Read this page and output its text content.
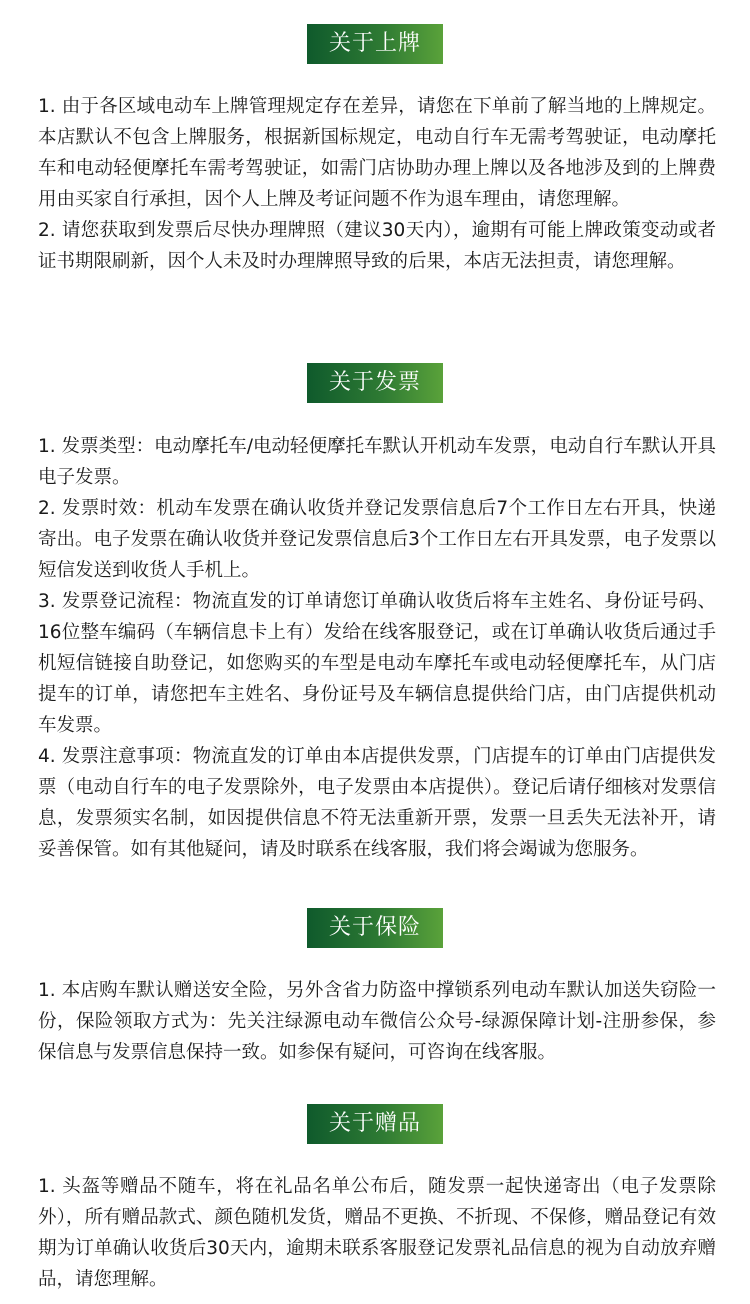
关于上牌

1. 由于各区域电动车上牌管理规定存在差异，请您在下单前了解当地的上牌规定。本店默认不包含上牌服务，根据新国标规定，电动自行车无需考驾驶证，电动摩托车和电动轻便摩托车需考驾驶证，如需门店协助办理上牌以及各地涉及到的上牌费用由买家自行承担，因个人上牌及考证问题不作为退车理由，请您理解。

2. 请您获取到发票后尽快办理牌照（建议30天内），逾期有可能上牌政策变动或者证书期限刷新，因个人未及时办理牌照导致的后果，本店无法担责，请您理解。

关于发票

1. 发票类型：电动摩托车/电动轻便摩托车默认开机动车发票，电动自行车默认开具电子发票。

2. 发票时效：机动车发票在确认收货并登记发票信息后7个工作日左右开具，快递寄出。电子发票在确认收货并登记发票信息后3个工作日左右开具发票，电子发票以短信发送到收货人手机上。

3. 发票登记流程：物流直发的订单请您订单确认收货后将车主姓名、身份证号码、16位整车编码（车辆信息卡上有）发给在线客服登记，或在订单确认收货后通过手机短信链接自助登记，如您购买的车型是电动车摩托车或电动轻便摩托车，从门店提车的订单，请您把车主姓名、身份证号及车辆信息提供给门店，由门店提供机动车发票。

4. 发票注意事项：物流直发的订单由本店提供发票，门店提车的订单由门店提供发票（电动自行车的电子发票除外，电子发票由本店提供）。登记后请仔细核对发票信息，发票须实名制，如因提供信息不符无法重新开票，发票一旦丢失无法补开，请妥善保管。如有其他疑问，请及时联系在线客服，我们将会竭诚为您服务。

关于保险

1. 本店购车默认赠送安全险，另外含省力防盗中撑锁系列电动车默认加送失窃险一份，保险领取方式为：先关注绿源电动车微信公众号-绿源保障计划-注册参保，参保信息与发票信息保持一致。如参保有疑问，可咨询在线客服。

关于赠品

1. 头盔等赠品不随车，将在礼品名单公布后，随发票一起快递寄出（电子发票除外），所有赠品款式、颜色随机发货，赠品不更换、不折现、不保修，赠品登记有效期为订单确认收货后30天内，逾期未联系客服登记发票礼品信息的视为自动放弃赠品，请您理解。
